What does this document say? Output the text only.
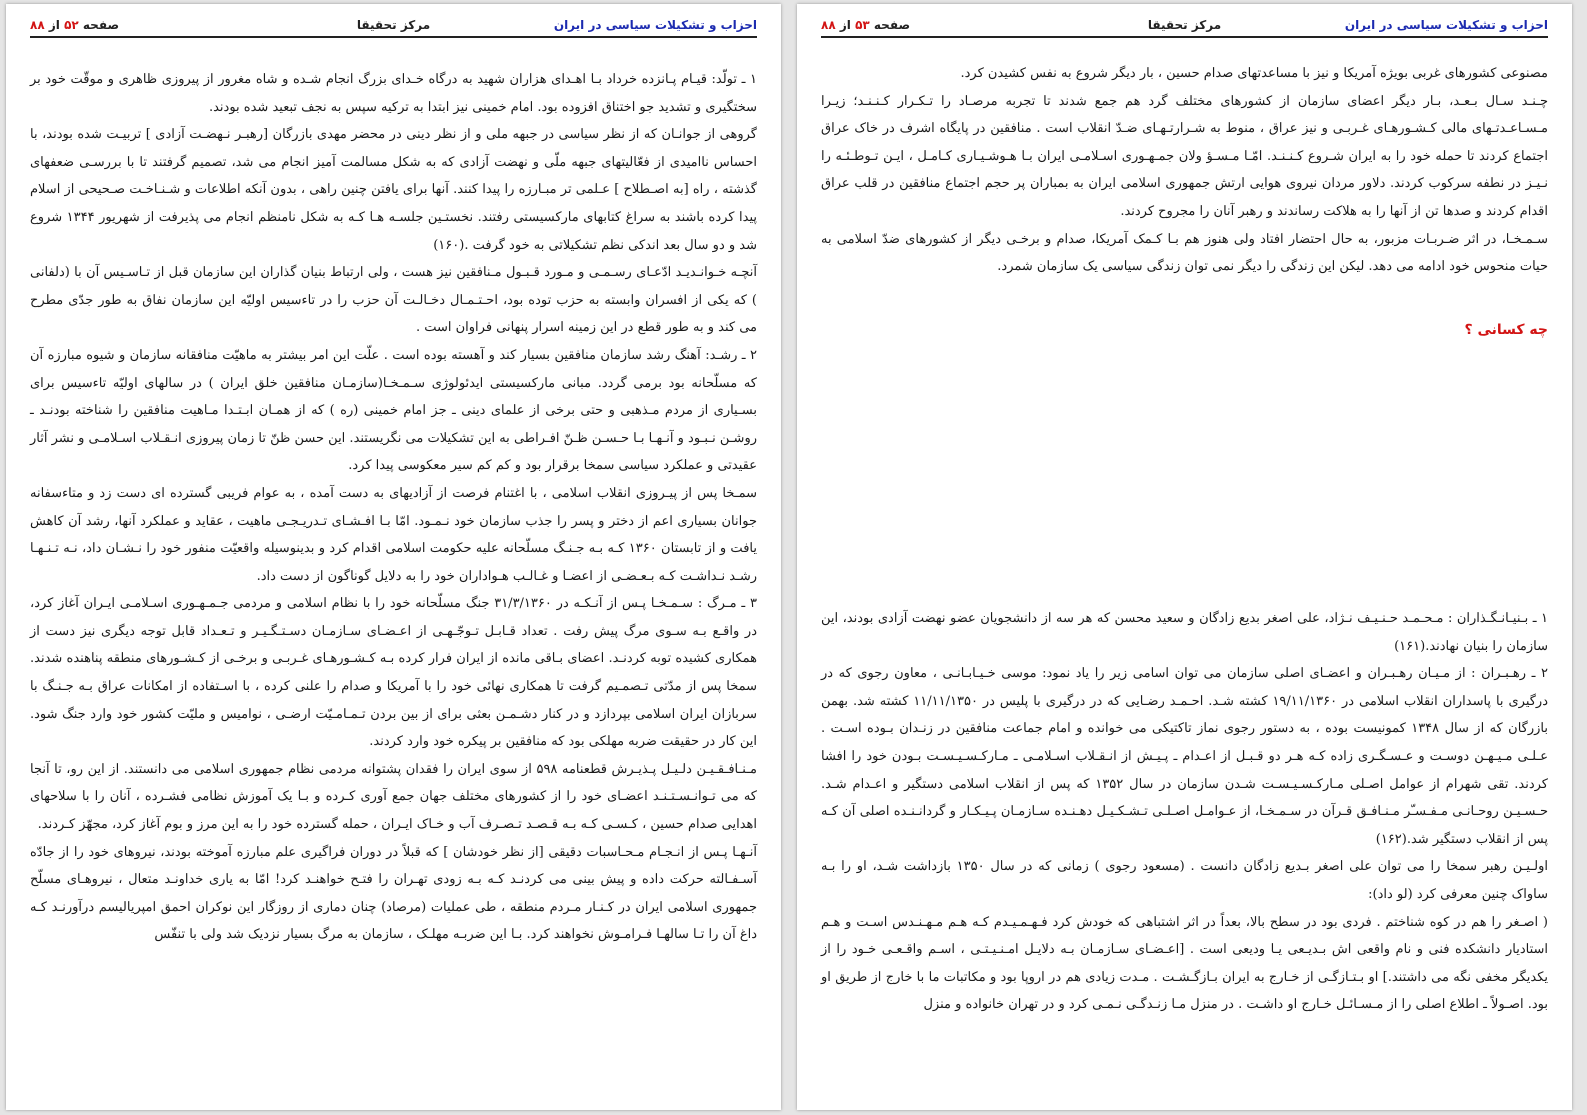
احزاب و تشکیلات سیاسی در ایران
مرکز تحقیقا
صفحه ۵۲ از ۸۸

۱ ـ تولّد: قیـام پـانزده خرداد بـا اهـدای هزاران شهید به درگاه خـدای بزرگ انجام شـده و شاه مغرور از پیروزی ظاهری و موقّت خود بر سختگیری و تشدید جو اختناق افزوده بود. امام خمینی نیز ابتدا به ترکیه سپس به نجف تبعید شده بودند.

گروهی از جوانـان که از نظر سیاسی در جبهه ملی و از نظر دینی در محضر مهدی بازرگان [رهبـر نـهضـت آزادی ] تربیـت شده بودند، با احساس ناامیدی از فعّالیتهای جبهه ملّی و نهضت آزادی که به شکل مسالمت آمیز انجام می شد، تصمیم گرفتند تا با بررسـی ضعفهای گذشته ، راه [به اصـطلاح ] عـلمی تر مبـارزه را پیدا کنند. آنها برای یافتن چنین راهی ، بدون آنکه اطلاعات و شـنـاخـت صـحیحی از اسلام پیدا کرده باشند به سراغ کتابهای مارکسیستی رفتند. نخستـین جلسـه هـا کـه به شکل نامنظم انجام می پذیرفت از شهریور ۱۳۴۴ شروع شد و دو سال بعد اندکی نظم تشکیلاتی به خود گرفت .(۱۶۰)

آنچـه خـوانـدیـد ادّعـای رسـمـی و مـورد قـبـول مـنافقین نیز هست ، ولی ارتباط بنیان گذاران این سازمان قبل از تـاسـیس آن با (دلفانی ) که یکی از افسران وابسته به حزب توده بود، احـتـمـال دخـالـت آن حزب را در تاءسیس اولیّه این سازمان نفاق به طور جدّی مطرح می کند و به طور قطع در این زمینه اسرار پنهانی فراوان است .

۲ ـ رشـد: آهنگ رشد سازمان منافقین بسیار کند و آهسته بوده است . علّت این امر بیشتر به ماهیّت منافقانه سازمان و شیوه مبارزه آن که مسلّحانه بود برمی گردد. مبانی مارکسیستی ایدئولوژی سـمـخـا(سازمـان منافقین خلق ایران ) در سالهای اولیّه تاءسیس برای بسـیاری از مردم مـذهبی و حتی برخی از علمای دینی ـ جز امام خمینی (ره ) که از همـان ابـتـدا مـاهیت منافقین را شناخته بودنـد ـ روشـن نـبـود و آنـهـا بـا حـسـن ظـنّ افـراطی به این تشکیلات می نگریستند. این حسن ظنّ تا زمان پیروزی انـقـلاب اسـلامـی و نشر آثار عقیدتی و عملکرد سیاسی سمخا برقرار بود و کم کم سیر معکوسی پیدا کرد.

سمـخا پس از پیـروزی انقلاب اسلامی ، با اغتنام فرصت از آزادیهای به دست آمده ، به عوام فریبی گسترده ای دست زد و متاءسفانه جوانان بسیاری اعم از دختر و پسر را جذب سازمان خود نـمـود. امّا بـا افـشـای تـدریـجـی ماهیت ، عقاید و عملکرد آنها، رشد آن کاهش یافت و از تابستان ۱۳۶۰ کـه بـه جـنـگ مسلّحانه علیه حکومت اسلامی اقدام کرد و بدینوسیله واقعیّت منفور خود را نـشـان داد، نـه تـنـهـا رشـد نـداشـت کـه بـعـضـی از اعضـا و غـالـب هـواداران خود را به دلایل گوناگون از دست داد.

۳ ـ مـرگ : سـمـخـا پـس از آنـکـه در ۳۱/۳/۱۳۶۰ جنگ مسلّحانه خود را با نظام اسلامی و مردمی جـمـهـوری اسـلامـی ایـران آغاز کرد، در واقـع بـه سـوی مرگ پیش رفت . تعداد قـابـل تـوجّـهـی از اعـضـای سـازمـان دسـتـگـیـر و تـعـداد قابل توجه دیگری نیز دست از همکاری کشیده توبه کردنـد. اعضای بـاقی مانده از ایران فرار کرده بـه کـشـورهـای غـربـی و برخـی از کـشـورهای منطقه پناهنده شدند. سمخا پس از مدّتی تـصمـیم گرفت تا همکاری نهائی خود را با آمریکا و صدام را علنی کرده ، با اسـتفاده از امکانات عراق بـه جـنـگ با سربازان ایران اسلامی بپردازد و در کنار دشـمـن بعثی برای از بین بردن تـمـامـیّت ارضـی ، نوامیس و ملیّت کشور خود وارد جنگ شود. این کار در حقیقت ضربه مهلکی بود که منافقین بر پیکره خود وارد کردند.

مـنـافـقـیـن دلـیـل پـذیـرش قطعنامه ۵۹۸ از سوی ایران را فقدان پشتوانه مردمی نظام جمهوری اسلامی می دانستند. از این رو، تا آنجا که می تـوانـسـتـنـد اعضـای خود را از کشورهای مختلف جهان جمع آوری کـرده و بـا یک آموزش نظامی فشـرده ، آنان را با سلاحهای اهدایی صدام حسین ، کـسـی کـه بـه قـصـد تـصـرف آب و خـاک ایـران ، حمله گسترده خود را به این مرز و بوم آغاز کرد، مجهّز کـردند.

آنـهـا پـس از انـجـام مـحـاسبات دقیقی [از نظر خودشان ] که قبلاً در دوران فراگیری علم مبارزه آموخته بودند، نیروهای خود را از جادّه آسـفـالته حرکت داده و پیش بینی می کردنـد کـه بـه زودی تهـران را فتـح خواهنـد کرد! امّا به یاری خداونـد متعال ، نیروهـای مسلّح جمهوری اسلامی ایران در کـنـار مـردم منطقه ، طی عملیات (مرصاد) چنان دماری از روزگار این نوکران احمق امپریالیسم درآورنـد کـه داغ آن را تـا سالهـا فـرامـوش نخواهند کرد. بـا این ضربـه مهلـک ، سازمان به مرگ بسیار نزدیک شد ولی با تنفّس

احزاب و تشکیلات سیاسی در ایران
مرکز تحقیقا
صفحه ۵۳ از ۸۸

مصنوعی کشورهای غربی بویژه آمریکا و نیز با مساعدتهای صدام حسین ، بار دیگر شروع به نفس کشیدن کرد.

چـنـد سـال بـعـد، بـار دیگر اعضای سازمان از کشورهای مختلف گرد هم جمع شدند تا تجربه مرصـاد را تـکـرار کـنـنـد؛ زیـرا مـسـاعـدتـهای مالی کـشـورهـای غـربـی و نیز عراق ، منوط به شـرارتـهـای ضـدّ انقلاب است . منافقین در پایگاه اشرف در خاک عراق اجتماع کردند تا حمله خود را به ایران شـروع کـنـنـد. امّـا مـسـؤ ولان جمـهـوری اسـلامـی ایران بـا هـوشـیـاری کـامـل ، ایـن تـوطـئـه را نـیـز در نطفه سرکوب کردند. دلاور مردان نیروی هوایی ارتش جمهوری اسلامی ایران به بمباران پر حجم اجتماع منافقین در قلب عراق اقدام کردند و صدها تن از آنها را به هلاکت رساندند و رهبر آنان را مجروح کردند.

سـمـخـا، در اثر ضـربـات مزبور، به حال احتضار افتاد ولی هنوز هم بـا کـمک آمریکا، صدام و برخـی دیگر از کشورهای ضدّ اسلامی به حیات منحوس خود ادامه می دهد. لیکن این زندگی را دیگر نمی توان زندگی سیاسی یک سازمان شمرد.

چه کسانی ؟

۱ ـ بـنیـانـگـذاران : مـحـمـد حـنـیـف نـژاد، علی اصغر بدیع زادگان و سعید محسن که هر سه از دانشجویان عضو نهضت آزادی بودند، این سازمان را بنیان نهادند.(۱۶۱)

۲ ـ رهـبـران : از مـیـان رهـبـران و اعضـای اصلی سازمان می توان اسامی زیر را یاد نمود: موسی خـیـابـانـی ، معاون رجوی که در درگیری با پاسداران انقلاب اسلامی در ۱۹/۱۱/۱۳۶۰ کشته شـد. احـمـد رضـایی که در درگیری با پلیس در ۱۱/۱۱/۱۳۵۰ کشته شد. بهمن بازرگان که از سال ۱۳۴۸ کمونیست بوده ، به دستور رجوی نماز تاکتیکی می خوانده و امام جماعت منافقین در زنـدان بـوده اسـت . عـلـی مـیـهـن دوسـت و عـسـگـری زاده کـه هـر دو قـبـل از اعـدام ـ پـیـش از انـقـلاب اسـلامـی ـ مـارکـسـیـسـت بـودن خود را افشا کردند. تقی شهرام از عوامل اصـلی مـارکـسـیـسـت شـدن سازمان در سال ۱۳۵۲ که پس از انقلاب اسلامی دستگیر و اعـدام شـد. حـسـیـن روحـانـی مـفـسـّر مـنـافـق قـرآن در سـمـخـا، از عـوامـل اصـلـی تـشـکـیـل دهـنـده سـازمـان پـیـکـار و گردانـنـده اصلی آن کـه پس از انقلاب دستگیر شد.(۱۶۲)

اولـیـن رهبر سمخا را می توان علی اصغر بـدیع زادگان دانست . (مسعود رجوی ) زمانی که در سال ۱۳۵۰ بازداشت شـد، او را بـه ساواک چنین معرفی کرد (لو داد):

( اصـغر را هم در کوه شناختم . فردی بود در سطح بالا، بعداً در اثر اشتباهی که خودش کرد فـهـمـیـدم کـه هـم مـهـنـدس اسـت و هـم استادیار دانشکده فنی و نام واقعی اش بـدیـعی یـا ودیعی است . [اعـضـای سـازمـان بـه دلایـل امـنـیـتـی ، اسـم واقـعـی خـود را از یکدیگر مخفی نگه می داشتند.] او بـتـازگـی از خـارج به ایران بـازگـشـت . مـدت زیادی هم در اروپا بود و مکاتبات ما با خارج از طریق او بود. اصـولاً ـ اطلاع اصلی را از مـسـائـل خـارج او داشـت . در منزل مـا زنـدگـی نـمـی کرد و در تهران خانواده و منزل
